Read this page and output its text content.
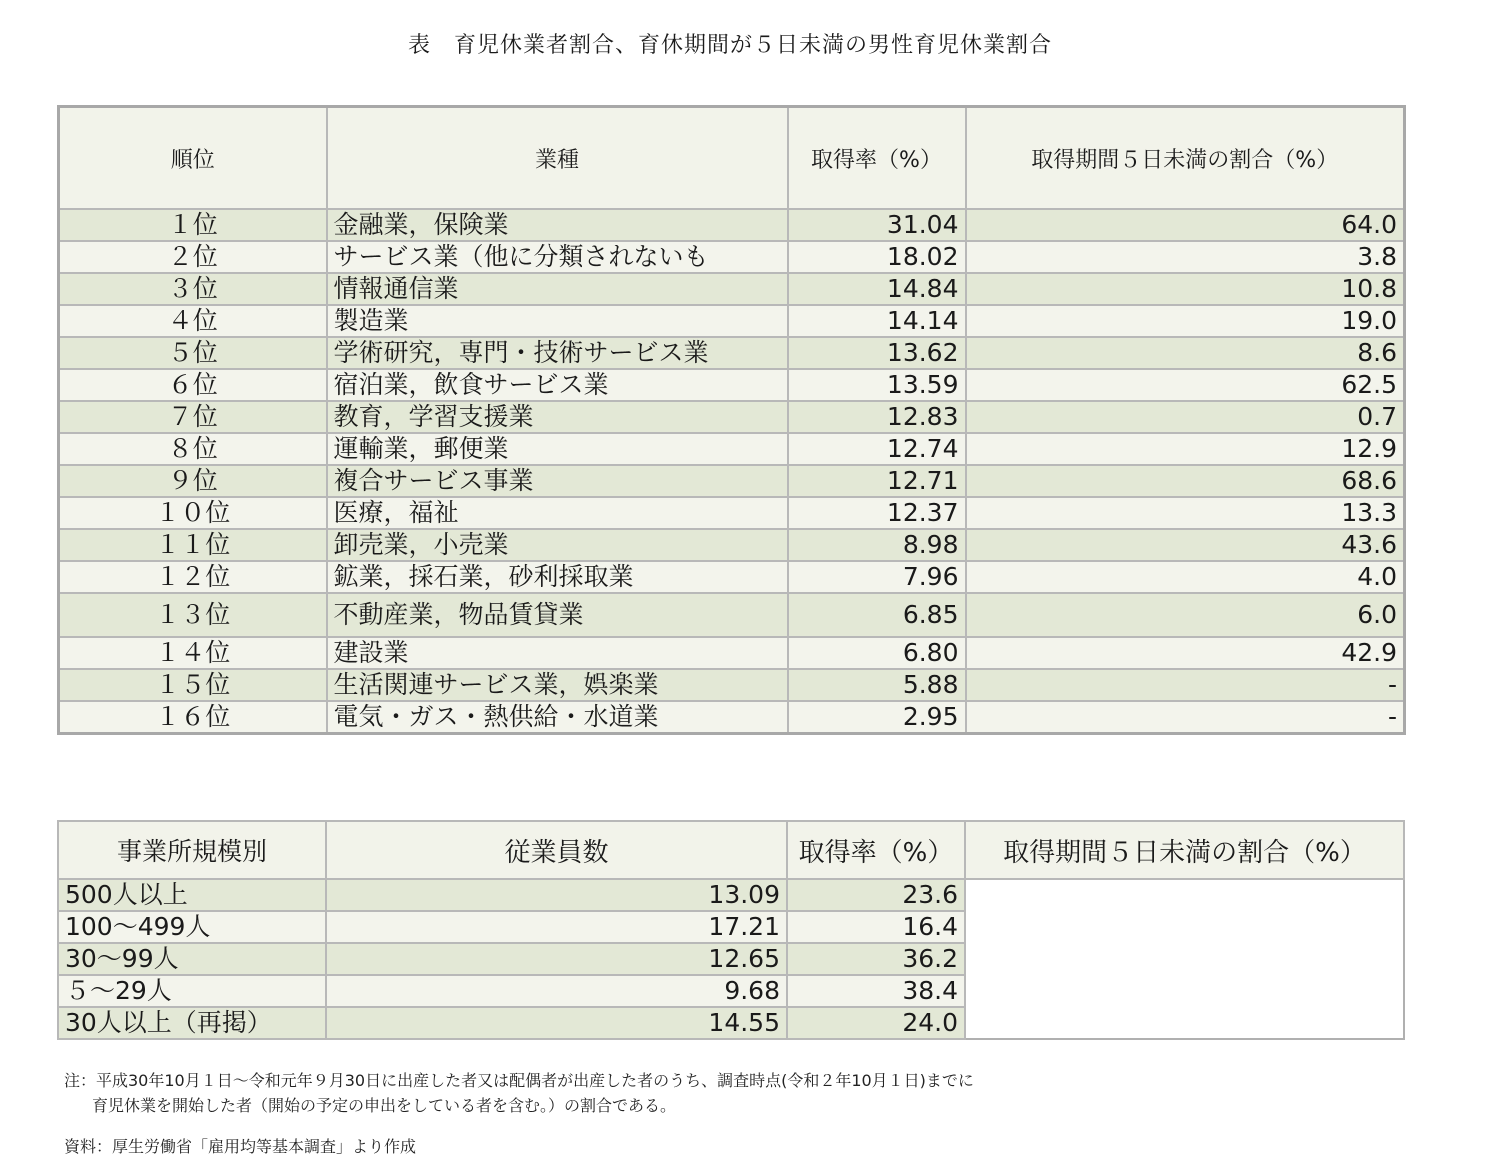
表　育児休業者割合、育休期間が５日未満の男性育児休業割合
順位	業種	取得率（%）	取得期間５日未満の割合（%）
１位	金融業，保険業	31.04	64.0
２位	サービス業（他に分類されないも	18.02	3.8
３位	情報通信業	14.84	10.8
４位	製造業	14.14	19.0
５位	学術研究，専門・技術サービス業	13.62	8.6
６位	宿泊業，飲食サービス業	13.59	62.5
７位	教育，学習支援業	12.83	0.7
８位	運輸業，郵便業	12.74	12.9
９位	複合サービス事業	12.71	68.6
１０位	医療，福祉	12.37	13.3
１１位	卸売業，小売業	8.98	43.6
１２位	鉱業，採石業，砂利採取業	7.96	4.0
１３位	不動産業，物品賃貸業	6.85	6.0
１４位	建設業	6.80	42.9
１５位	生活関連サービス業，娯楽業	5.88	-
１６位	電気・ガス・熱供給・水道業	2.95	-
事業所規模別	従業員数	取得率（%）	取得期間５日未満の割合（%）
500人以上	13.09	23.6	
100〜499人	17.21	16.4	
30〜99人	12.65	36.2	
５〜29人	9.68	38.4	
30人以上（再掲）	14.55	24.0	
注：平成30年10月１日〜令和元年９月30日に出産した者又は配偶者が出産した者のうち、調査時点(令和２年10月１日)までに
育児休業を開始した者（開始の予定の申出をしている者を含む。）の割合である。
資料：厚生労働省「雇用均等基本調査」より作成
